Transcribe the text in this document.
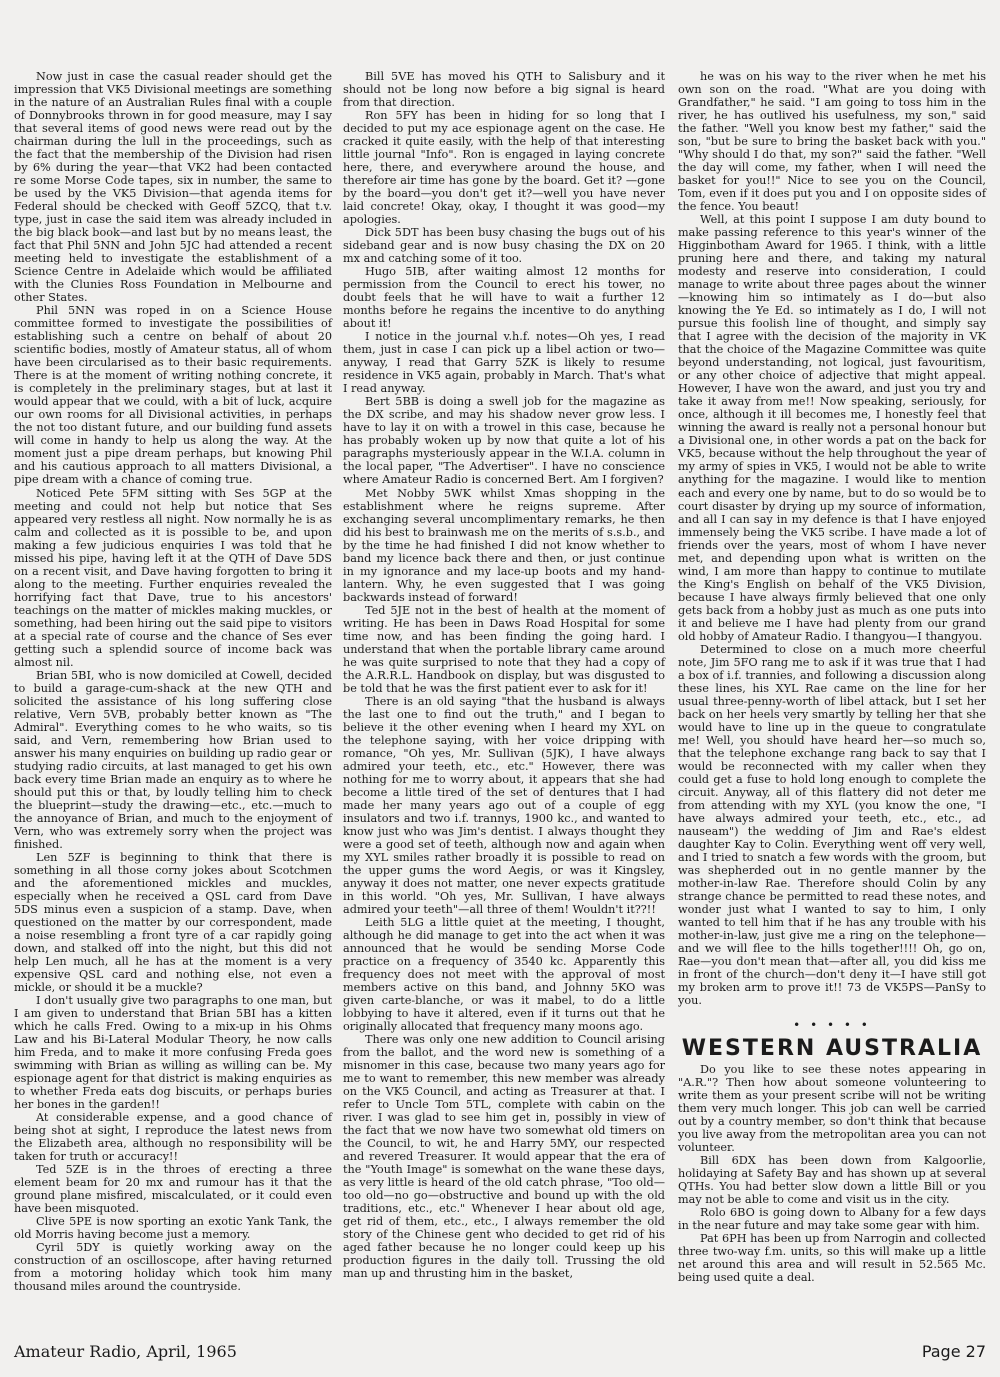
Now just in case the casual reader should get the impression that VK5 Divisional meetings are something in the nature of an Australian Rules final with a couple of Donnybrooks thrown in for good measure, may I say that several items of good news were read out by the chairman during the lull in the proceedings, such as the fact that the membership of the Division had risen by 6% during the year—that VK2 had been contacted re some Morse Code tapes, six in number, the same to be used by the VK5 Division—that agenda items for Federal should be checked with Geoff 5ZCQ, that t.v. type, just in case the said item was already included in the big black book—and last but by no means least, the fact that Phil 5NN and John 5JC had attended a recent meeting held to investigate the establishment of a Science Centre in Adelaide which would be affiliated with the Clunies Ross Foundation in Melbourne and other States.

Phil 5NN was roped in on a Science House committee formed to investigate the possibilities of establishing such a centre on behalf of about 20 scientific bodies, mostly of Amateur status, all of whom have been circularised as to their basic requirements. There is at the moment of writing nothing concrete, it is completely in the preliminary stages, but at last it would appear that we could, with a bit of luck, acquire our own rooms for all Divisional activities, in perhaps the not too distant future, and our building fund assets will come in handy to help us along the way. At the moment just a pipe dream perhaps, but knowing Phil and his cautious approach to all matters Divisional, a pipe dream with a chance of coming true.

Noticed Pete 5FM sitting with Ses 5GP at the meeting and could not help but notice that Ses appeared very restless all night. Now normally he is as calm and collected as it is possible to be, and upon making a few judicious enquiries I was told that he missed his pipe, having left it at the QTH of Dave 5DS on a recent visit, and Dave having forgotten to bring it along to the meeting. Further enquiries revealed the horrifying fact that Dave, true to his ancestors' teachings on the matter of mickles making muckles, or something, had been hiring out the said pipe to visitors at a special rate of course and the chance of Ses ever getting such a splendid source of income back was almost nil.

Brian 5BI, who is now domiciled at Cowell, decided to build a garage-cum-shack at the new QTH and solicited the assistance of his long suffering close relative, Vern 5VB, probably better known as "The Admiral". Everything comes to he who waits, so tis said, and Vern, remembering how Brian used to answer his many enquiries on building up radio gear or studying radio circuits, at last managed to get his own back every time Brian made an enquiry as to where he should put this or that, by loudly telling him to check the blueprint—study the drawing—etc., etc.—much to the annoyance of Brian, and much to the enjoyment of Vern, who was extremely sorry when the project was finished.

Len 5ZF is beginning to think that there is something in all those corny jokes about Scotchmen and the aforementioned mickles and muckles, especially when he received a QSL card from Dave 5DS minus even a suspicion of a stamp. Dave, when questioned on the matter by our correspondent, made a noise resembling a front tyre of a car rapidly going down, and stalked off into the night, but this did not help Len much, all he has at the moment is a very expensive QSL card and nothing else, not even a mickle, or should it be a muckle?

I don't usually give two paragraphs to one man, but I am given to understand that Brian 5BI has a kitten which he calls Fred. Owing to a mix-up in his Ohms Law and his Bi-Lateral Modular Theory, he now calls him Freda, and to make it more confusing Freda goes swimming with Brian as willing as willing can be. My espionage agent for that district is making enquiries as to whether Freda eats dog biscuits, or perhaps buries her bones in the garden!!

At considerable expense, and a good chance of being shot at sight, I reproduce the latest news from the Elizabeth area, although no responsibility will be taken for truth or accuracy!!

Ted 5ZE is in the throes of erecting a three element beam for 20 mx and rumour has it that the ground plane misfired, miscalculated, or it could even have been misquoted.

Clive 5PE is now sporting an exotic Yank Tank, the old Morris having become just a memory.

Cyril 5DY is quietly working away on the construction of an oscilloscope, after having returned from a motoring holiday which took him many thousand miles around the countryside.

Bill 5VE has moved his QTH to Salisbury and it should not be long now before a big signal is heard from that direction.

Ron 5FY has been in hiding for so long that I decided to put my ace espionage agent on the case. He cracked it quite easily, with the help of that interesting little journal "Info". Ron is engaged in laying concrete here, there, and everywhere around the house, and therefore air time has gone by the board. Get it? —gone by the board—you don't get it?—well you have never laid concrete! Okay, okay, I thought it was good—my apologies.

Dick 5DT has been busy chasing the bugs out of his sideband gear and is now busy chasing the DX on 20 mx and catching some of it too.

Hugo 5IB, after waiting almost 12 months for permission from the Council to erect his tower, no doubt feels that he will have to wait a further 12 months before he regains the incentive to do anything about it!

I notice in the journal v.h.f. notes—Oh yes, I read them, just in case I can pick up a libel action or two—anyway, I read that Garry 5ZK is likely to resume residence in VK5 again, probably in March. That's what I read anyway.

Bert 5BB is doing a swell job for the magazine as the DX scribe, and may his shadow never grow less. I have to lay it on with a trowel in this case, because he has probably woken up by now that quite a lot of his paragraphs mysteriously appear in the W.I.A. column in the local paper, "The Advertiser". I have no conscience where Amateur Radio is concerned Bert. Am I forgiven?

Met Nobby 5WK whilst Xmas shopping in the establishment where he reigns supreme. After exchanging several uncomplimentary remarks, he then did his best to brainwash me on the merits of s.s.b., and by the time he had finished I did not know whether to band my licence back there and then, or just continue in my ignorance and my lace-up boots and my hand-lantern. Why, he even suggested that I was going backwards instead of forward!

Ted 5JE not in the best of health at the moment of writing. He has been in Daws Road Hospital for some time now, and has been finding the going hard. I understand that when the portable library came around he was quite surprised to note that they had a copy of the A.R.R.L. Handbook on display, but was disgusted to be told that he was the first patient ever to ask for it!

There is an old saying "that the husband is always the last one to find out the truth," and I began to believe it the other evening when I heard my XYL on the telephone saying, with her voice dripping with romance, "Oh yes, Mr. Sullivan (5JK), I have always admired your teeth, etc., etc." However, there was nothing for me to worry about, it appears that she had become a little tired of the set of dentures that I had made her many years ago out of a couple of egg insulators and two i.f. trannys, 1900 kc., and wanted to know just who was Jim's dentist. I always thought they were a good set of teeth, although now and again when my XYL smiles rather broadly it is possible to read on the upper gums the word Aegis, or was it Kingsley, anyway it does not matter, one never expects gratitude in this world. "Oh yes, Mr. Sullivan, I have always admired your teeth"—all three of them! Wouldn't it??!!

Leith 5LG a little quiet at the meeting, I thought, although he did manage to get into the act when it was announced that he would be sending Morse Code practice on a frequency of 3540 kc. Apparently this frequency does not meet with the approval of most members active on this band, and Johnny 5KO was given carte-blanche, or was it mabel, to do a little lobbying to have it altered, even if it turns out that he originally allocated that frequency many moons ago.

There was only one new addition to Council arising from the ballot, and the word new is something of a misnomer in this case, because two many years ago for me to want to remember, this new member was already on the VK5 Council, and acting as Treasurer at that. I refer to Uncle Tom 5TL, complete with cabin on the river. I was glad to see him get in, possibly in view of the fact that we now have two somewhat old timers on the Council, to wit, he and Harry 5MY, our respected and revered Treasurer. It would appear that the era of the "Youth Image" is somewhat on the wane these days, as very little is heard of the old catch phrase, "Too old—too old—no go—obstructive and bound up with the old traditions, etc., etc." Whenever I hear about old age, get rid of them, etc., etc., I always remember the old story of the Chinese gent who decided to get rid of his aged father because he no longer could keep up his production figures in the daily toll. Trussing the old man up and thrusting him in the basket,

he was on his way to the river when he met his own son on the road. "What are you doing with Grandfather," he said. "I am going to toss him in the river, he has outlived his usefulness, my son," said the father. "Well you know best my father," said the son, "but be sure to bring the basket back with you." "Why should I do that, my son?" said the father. "Well the day will come, my father, when I will need the basket for you!!" Nice to see you on the Council, Tom, even if it does put you and I on opposite sides of the fence. You beaut!

Well, at this point I suppose I am duty bound to make passing reference to this year's winner of the Higginbotham Award for 1965. I think, with a little pruning here and there, and taking my natural modesty and reserve into consideration, I could manage to write about three pages about the winner—knowing him so intimately as I do—but also knowing the Ye Ed. so intimately as I do, I will not pursue this foolish line of thought, and simply say that I agree with the decision of the majority in VK that the choice of the Magazine Committee was quite beyond understanding, not logical, just favouritism, or any other choice of adjective that might appeal. However, I have won the award, and just you try and take it away from me!! Now speaking, seriously, for once, although it ill becomes me, I honestly feel that winning the award is really not a personal honour but a Divisional one, in other words a pat on the back for VK5, because without the help throughout the year of my army of spies in VK5, I would not be able to write anything for the magazine. I would like to mention each and every one by name, but to do so would be to court disaster by drying up my source of information, and all I can say in my defence is that I have enjoyed immensely being the VK5 scribe. I have made a lot of friends over the years, most of whom I have never met, and depending upon what is written on the wind, I am more than happy to continue to mutilate the King's English on behalf of the VK5 Division, because I have always firmly believed that one only gets back from a hobby just as much as one puts into it and believe me I have had plenty from our grand old hobby of Amateur Radio. I thangyou—I thangyou.

Determined to close on a much more cheerful note, Jim 5FO rang me to ask if it was true that I had a box of i.f. trannies, and following a discussion along these lines, his XYL Rae came on the line for her usual three-penny-worth of libel attack, but I set her back on her heels very smartly by telling her that she would have to line up in the queue to congratulate me! Well, you should have heard her—so much so, that the telephone exchange rang back to say that I would be reconnected with my caller when they could get a fuse to hold long enough to complete the circuit. Anyway, all of this flattery did not deter me from attending with my XYL (you know the one, "I have always admired your teeth, etc., etc., ad nauseam") the wedding of Jim and Rae's eldest daughter Kay to Colin. Everything went off very well, and I tried to snatch a few words with the groom, but was shepherded out in no gentle manner by the mother-in-law Rae. Therefore should Colin by any strange chance be permitted to read these notes, and wonder just what I wanted to say to him, I only wanted to tell him that if he has any trouble with his mother-in-law, just give me a ring on the telephone—and we will flee to the hills together!!!! Oh, go on, Rae—you don't mean that—after all, you did kiss me in front of the church—don't deny it—I have still got my broken arm to prove it!! 73 de VK5PS—PanSy to you.

• • • • •
WESTERN AUSTRALIA

Do you like to see these notes appearing in "A.R."? Then how about someone volunteering to write them as your present scribe will not be writing them very much longer. This job can well be carried out by a country member, so don't think that because you live away from the metropolitan area you can not volunteer.

Bill 6DX has been down from Kalgoorlie, holidaying at Safety Bay and has shown up at several QTHs. You had better slow down a little Bill or you may not be able to come and visit us in the city.

Rolo 6BO is going down to Albany for a few days in the near future and may take some gear with him.

Pat 6PH has been up from Narrogin and collected three two-way f.m. units, so this will make up a little net around this area and will result in 52.565 Mc. being used quite a deal.

Amateur Radio, April, 1965	Page 27
